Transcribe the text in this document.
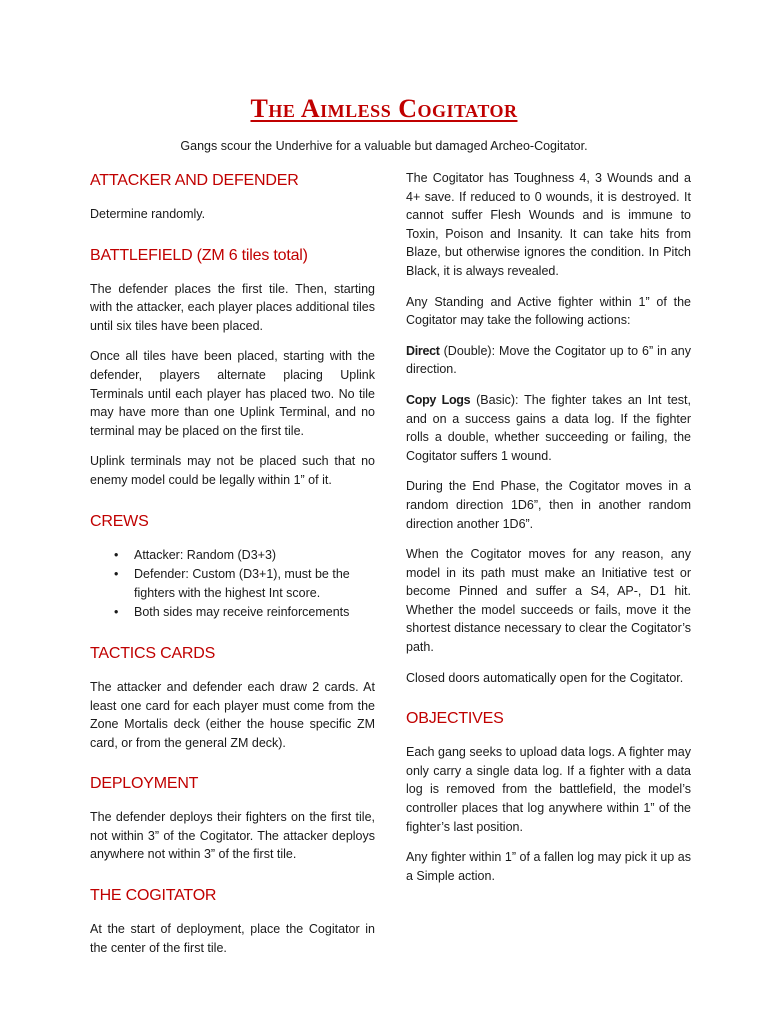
The Aimless Cogitator
Gangs scour the Underhive for a valuable but damaged Archeo-Cogitator.
ATTACKER AND DEFENDER

Determine randomly.

BATTLEFIELD (ZM 6 tiles total)

The defender places the first tile. Then, starting with the attacker, each player places additional tiles until six tiles have been placed.

Once all tiles have been placed, starting with the defender, players alternate placing Uplink Terminals until each player has placed two. No tile may have more than one Uplink Terminal, and no terminal may be placed on the first tile.

Uplink terminals may not be placed such that no enemy model could be legally within 1” of it.

CREWS
• Attacker: Random (D3+3)
• Defender: Custom (D3+1), must be the fighters with the highest Int score.
• Both sides may receive reinforcements
TACTICS CARDS

The attacker and defender each draw 2 cards. At least one card for each player must come from the Zone Mortalis deck (either the house specific ZM card, or from the general ZM deck).

DEPLOYMENT

The defender deploys their fighters on the first tile, not within 3” of the Cogitator. The attacker deploys anywhere not within 3” of the first tile.

THE COGITATOR

At the start of deployment, place the Cogitator in the center of the first tile.

The Cogitator has Toughness 4, 3 Wounds and a 4+ save. If reduced to 0 wounds, it is destroyed. It cannot suffer Flesh Wounds and is immune to Toxin, Poison and Insanity. It can take hits from Blaze, but otherwise ignores the condition. In Pitch Black, it is always revealed.

Any Standing and Active fighter within 1” of the Cogitator may take the following actions:

Direct (Double): Move the Cogitator up to 6” in any direction.

Copy Logs (Basic): The fighter takes an Int test, and on a success gains a data log. If the fighter rolls a double, whether succeeding or failing, the Cogitator suffers 1 wound.

During the End Phase, the Cogitator moves in a random direction 1D6”, then in another random direction another 1D6”.

When the Cogitator moves for any reason, any model in its path must make an Initiative test or become Pinned and suffer a S4, AP-, D1 hit. Whether the model succeeds or fails, move it the shortest distance necessary to clear the Cogitator’s path.

Closed doors automatically open for the Cogitator.

OBJECTIVES

Each gang seeks to upload data logs. A fighter may only carry a single data log. If a fighter with a data log is removed from the battlefield, the model’s controller places that log anywhere within 1” of the fighter’s last position.

Any fighter within 1” of a fallen log may pick it up as a Simple action.
